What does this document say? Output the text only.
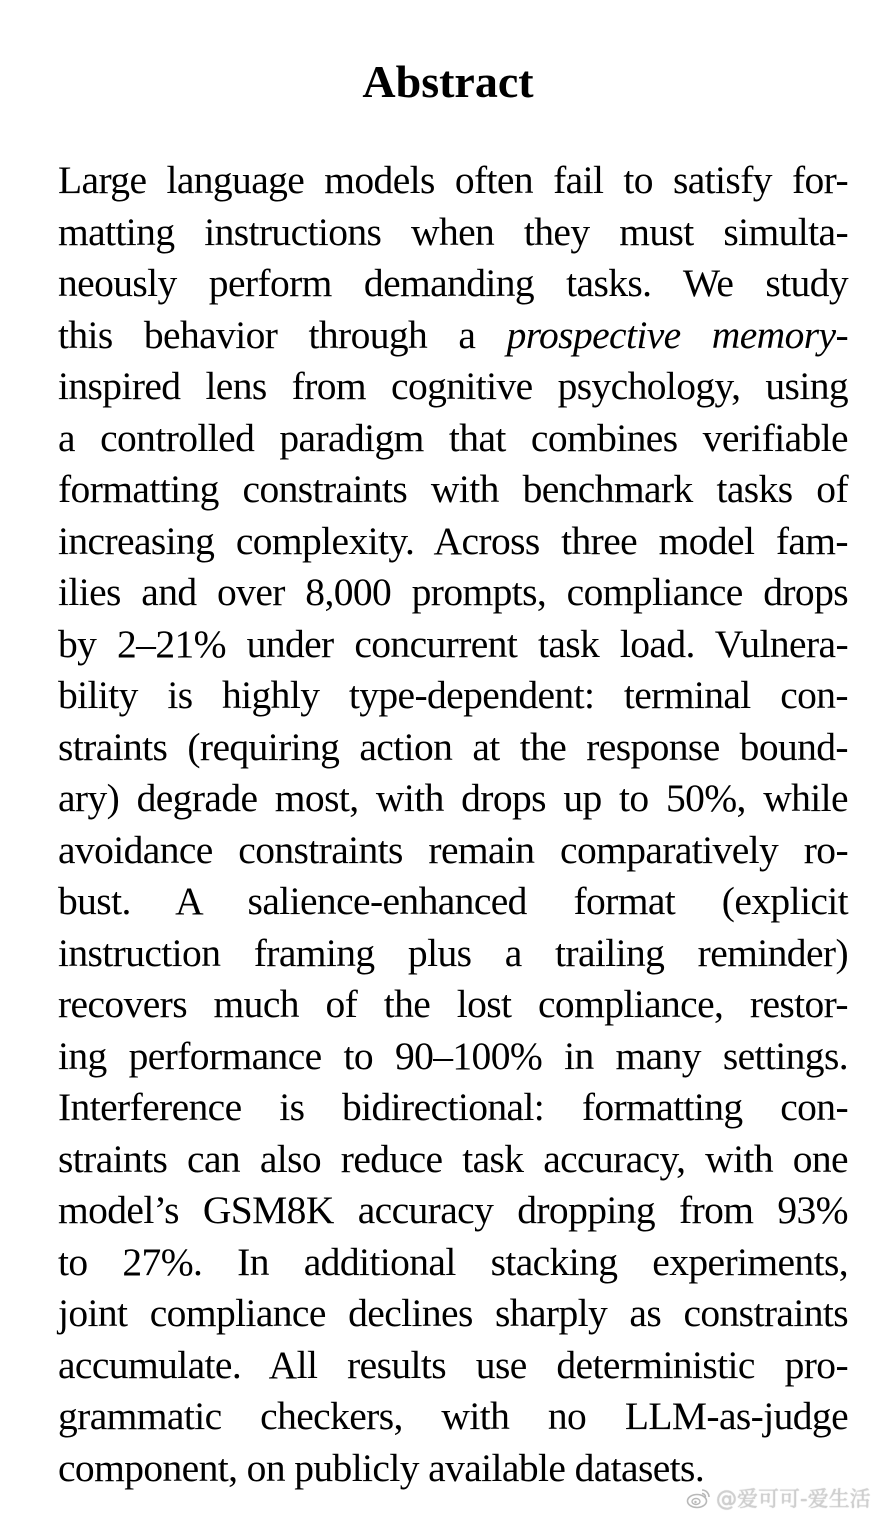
Abstract
Large language models often fail to satisfy for-
matting instructions when they must simulta-
neously perform demanding tasks. We study
this behavior through a prospective memory-
inspired lens from cognitive psychology, using
a controlled paradigm that combines verifiable
formatting constraints with benchmark tasks of
increasing complexity. Across three model fam-
ilies and over 8,000 prompts, compliance drops
by 2–21% under concurrent task load. Vulnera-
bility is highly type-dependent: terminal con-
straints (requiring action at the response bound-
ary) degrade most, with drops up to 50%, while
avoidance constraints remain comparatively ro-
bust. A salience-enhanced format (explicit
instruction framing plus a trailing reminder)
recovers much of the lost compliance, restor-
ing performance to 90–100% in many settings.
Interference is bidirectional: formatting con-
straints can also reduce task accuracy, with one
model’s GSM8K accuracy dropping from 93%
to 27%. In additional stacking experiments,
joint compliance declines sharply as constraints
accumulate. All results use deterministic pro-
grammatic checkers, with no LLM-as-judge
component, on publicly available datasets.
@爱可可-爱生活
